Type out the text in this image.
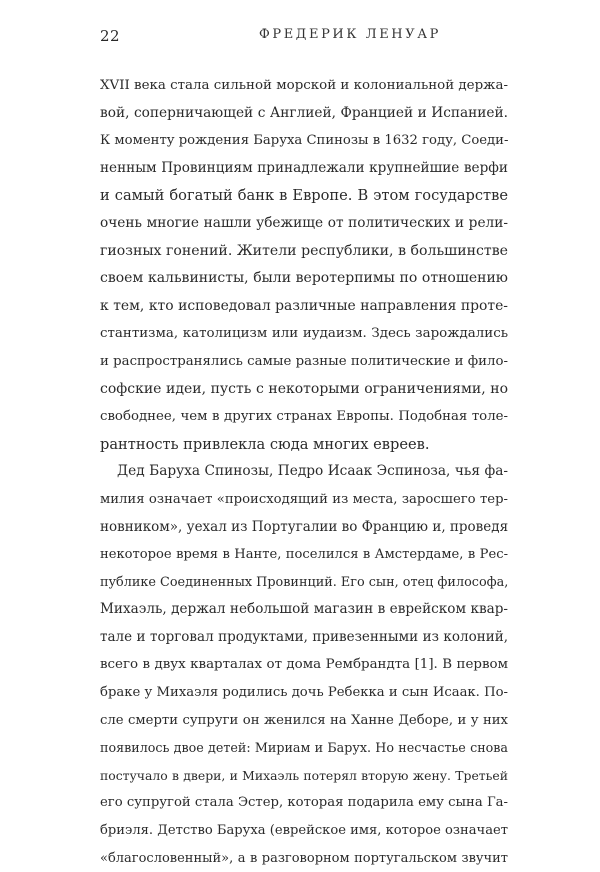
22	ФРЕДЕРИК ЛЕНУАР
XVII века стала сильной морской и колониальной держа-
вой, соперничающей с Англией, Францией и Испанией.
К моменту рождения Баруха Спинозы в 1632 году, Соеди-
ненным Провинциям принадлежали крупнейшие верфи
и самый богатый банк в Европе. В этом государстве
очень многие нашли убежище от политических и рели-
гиозных гонений. Жители республики, в большинстве
своем кальвинисты, были веротерпимы по отношению
к тем, кто исповедовал различные направления проте-
стантизма, католицизм или иудаизм. Здесь зарождались
и распространялись самые разные политические и фило-
софские идеи, пусть с некоторыми ограничениями, но
свободнее, чем в других странах Европы. Подобная толе-
рантность привлекла сюда многих евреев.
Дед Баруха Спинозы, Педро Исаак Эспиноза, чья фа-
милия означает «происходящий из места, заросшего тер-
новником», уехал из Португалии во Францию и, проведя
некоторое время в Нанте, поселился в Амстердаме, в Рес-
публике Соединенных Провинций. Его сын, отец философа,
Михаэль, держал небольшой магазин в еврейском квар-
тале и торговал продуктами, привезенными из колоний,
всего в двух кварталах от дома Рембрандта [1]. В первом
браке у Михаэля родились дочь Ребекка и сын Исаак. По-
сле смерти супруги он женился на Ханне Деборе, и у них
появилось двое детей: Мириам и Барух. Но несчастье снова
постучало в двери, и Михаэль потерял вторую жену. Третьей
его супругой стала Эстер, которая подарила ему сына Га-
бриэля. Детство Баруха (еврейское имя, которое означает
«благословенный», а в разговорном португальском звучит
